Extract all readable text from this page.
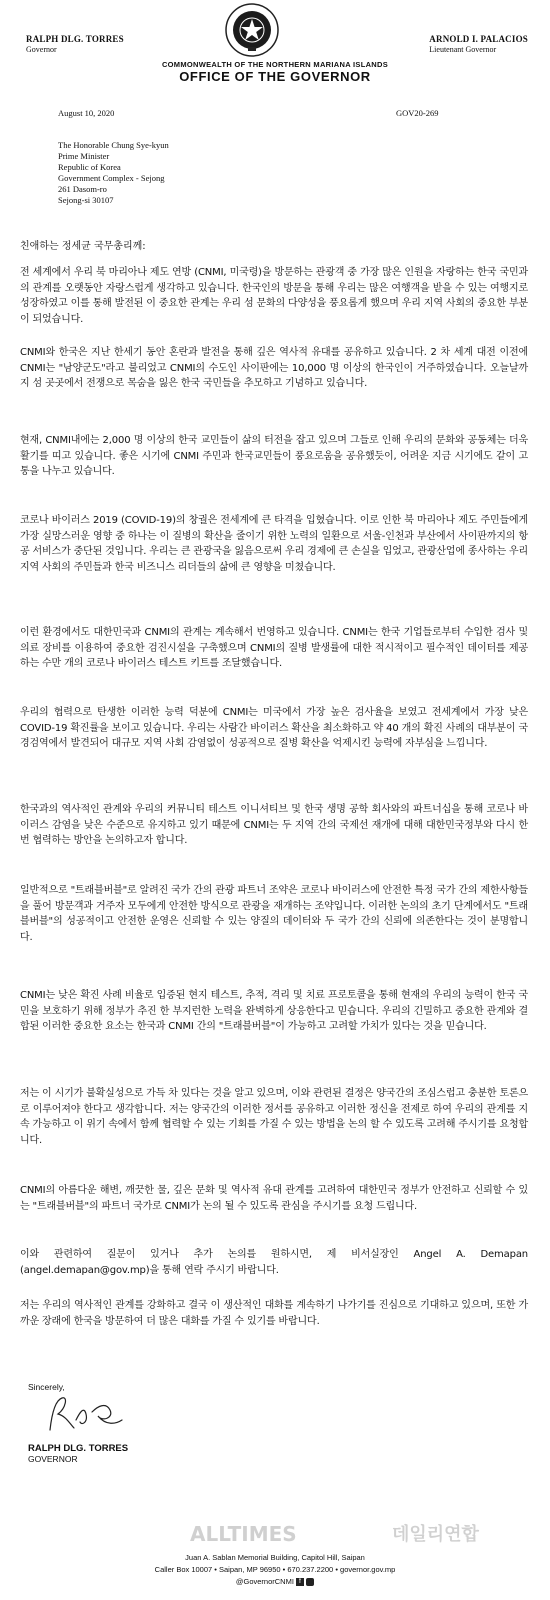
RALPH DLG. TORRES
Governor
ARNOLD I. PALACIOS
Lieutenant Governor
COMMONWEALTH OF THE NORTHERN MARIANA ISLANDS
OFFICE OF THE GOVERNOR
August 10, 2020	GOV20-269
The Honorable Chung Sye-kyun
Prime Minister
Republic of Korea
Government Complex - Sejong
261 Dasom-ro
Sejong-si 30107
친애하는 정세균 국무총리께:
전 세계에서 우리 북 마리아나 제도 연방 (CNMI, 미국령)을 방문하는 관광객 중 가장 많은 인원을 자랑하는 한국 국민과의 관계를 오랫동안 자랑스럽게 생각하고 있습니다. 한국인의 방문을 통해 우리는 많은 여행객을 받을 수 있는 여행지로 성장하였고 이를 통해 발전된 이 중요한 관계는 우리 섬 문화의 다양성을 풍요롭게 했으며 우리 지역 사회의 중요한 부분이 되었습니다.
CNMI와 한국은 지난 한세기 동안 혼란과 발전을 통해 깊은 역사적 유대를 공유하고 있습니다. 2 차 세계 대전 이전에 CNMI는 "남양군도"라고 불리었고 CNMI의 수도인 사이판에는 10,000 명 이상의 한국인이 거주하였습니다. 오늘날까지 섬 곳곳에서 전쟁으로 목숨을 잃은 한국 국민들을 추모하고 기념하고 있습니다.
현재, CNMI내에는 2,000 명 이상의 한국 교민들이 삶의 터전을 잡고 있으며 그들로 인해 우리의 문화와 공동체는 더욱 활기를 띠고 있습니다. 좋은 시기에 CNMI 주민과 한국교민들이 풍요로움을 공유했듯이, 어려운 지금 시기에도 같이 고통을 나누고 있습니다.
코로나 바이러스 2019 (COVID-19)의 창궐은 전세계에 큰 타격을 입혔습니다. 이로 인한 북 마리아나 제도 주민들에게 가장 실망스러운 영향 중 하나는 이 질병의 확산을 줄이기 위한 노력의 일환으로 서울-인천과 부산에서 사이판까지의 항공 서비스가 중단된 것입니다. 우리는 큰 관광국을 잃음으로써 우리 경제에 큰 손실을 입었고, 관광산업에 종사하는 우리 지역 사회의 주민들과 한국 비즈니스 리더들의 삶에 큰 영향을 미쳤습니다.
이런 환경에서도 대한민국과 CNMI의 관계는 계속해서 번영하고 있습니다. CNMI는 한국 기업들로부터 수입한 검사 및 의료 장비를 이용하여 중요한 검진시설을 구축했으며 CNMI의 질병 발생률에 대한 적시적이고 필수적인 데이터를 제공하는 수만 개의 코로나 바이러스 테스트 키트를 조달했습니다.
우리의 협력으로 탄생한 이러한 능력 덕분에 CNMI는 미국에서 가장 높은 검사율을 보였고 전세계에서 가장 낮은 COVID-19 확진률을 보이고 있습니다. 우리는 사람간 바이러스 확산을 최소화하고 약 40 개의 확진 사례의 대부분이 국경검역에서 발견되어 대규모 지역 사회 감염없이 성공적으로 질병 확산을 억제시킨 능력에 자부심을 느낍니다.
한국과의 역사적인 관계와 우리의 커뮤니티 테스트 이니셔티브 및 한국 생명 공학 회사와의 파트너십을 통해 코로나 바이러스 감염을 낮은 수준으로 유지하고 있기 때문에 CNMI는 두 지역 간의 국제선 재개에 대해 대한민국정부와 다시 한번 협력하는 방안을 논의하고자 합니다.
일반적으로 "트래블버블"로 알려진 국가 간의 관광 파트너 조약은 코로나 바이러스에 안전한 특정 국가 간의 제한사항들을 풀어 방문객과 거주자 모두에게 안전한 방식으로 관광을 재개하는 조약입니다. 이러한 논의의 초기 단계에서도 "트래블버블"의 성공적이고 안전한 운영은 신뢰할 수 있는 양질의 데이터와 두 국가 간의 신뢰에 의존한다는 것이 분명합니다.
CNMI는 낮은 확진 사례 비율로 입증된 현지 테스트, 추적, 격리 및 치료 프로토콜을 통해 현재의 우리의 능력이 한국 국민을 보호하기 위해 정부가 추진 한 부지런한 노력을 완벽하게 상응한다고 믿습니다. 우리의 긴밀하고 중요한 관계와 결합된 이러한 중요한 요소는 한국과 CNMI 간의 "트래블버블"이 가능하고 고려할 가치가 있다는 것을 믿습니다.
저는 이 시기가 불확실성으로 가득 차 있다는 것을 알고 있으며, 이와 관련된 결정은 양국간의 조심스럽고 충분한 토론으로 이루어져야 한다고 생각합니다. 저는 양국간의 이러한 정서를 공유하고 이러한 정신을 전제로 하여 우리의 관계를 지속 가능하고 이 위기 속에서 함께 협력할 수 있는 기회를 가질 수 있는 방법을 논의 할 수 있도록 고려해 주시기를 요청합니다.
CNMI의 아름다운 해변, 깨끗한 물, 깊은 문화 및 역사적 유대 관계를 고려하여 대한민국 정부가 안전하고 신뢰할 수 있는 "트래블버블"의 파트너 국가로 CNMI가 논의 될 수 있도록 관심을 주시기를 요청 드립니다.
이와 관련하여 질문이 있거나 추가 논의를 원하시면, 제 비서실장인 Angel A. Demapan (angel.demapan@gov.mp)을 통해 연락 주시기 바랍니다.
저는 우리의 역사적인 관계를 강화하고 결국 이 생산적인 대화를 계속하기 나가기를 진심으로 기대하고 있으며, 또한 가까운 장래에 한국을 방문하여 더 많은 대화를 가질 수 있기를 바랍니다.
Sincerely,
RALPH DLG. TORRES
GOVERNOR
Juan A. Sablan Memorial Building, Capitol Hill, Saipan
Caller Box 10007 • Saipan, MP 96950 • 670.237.2200 • governor.gov.mp
@GovernorCNMI f
ALLTIMES	데일리연합
